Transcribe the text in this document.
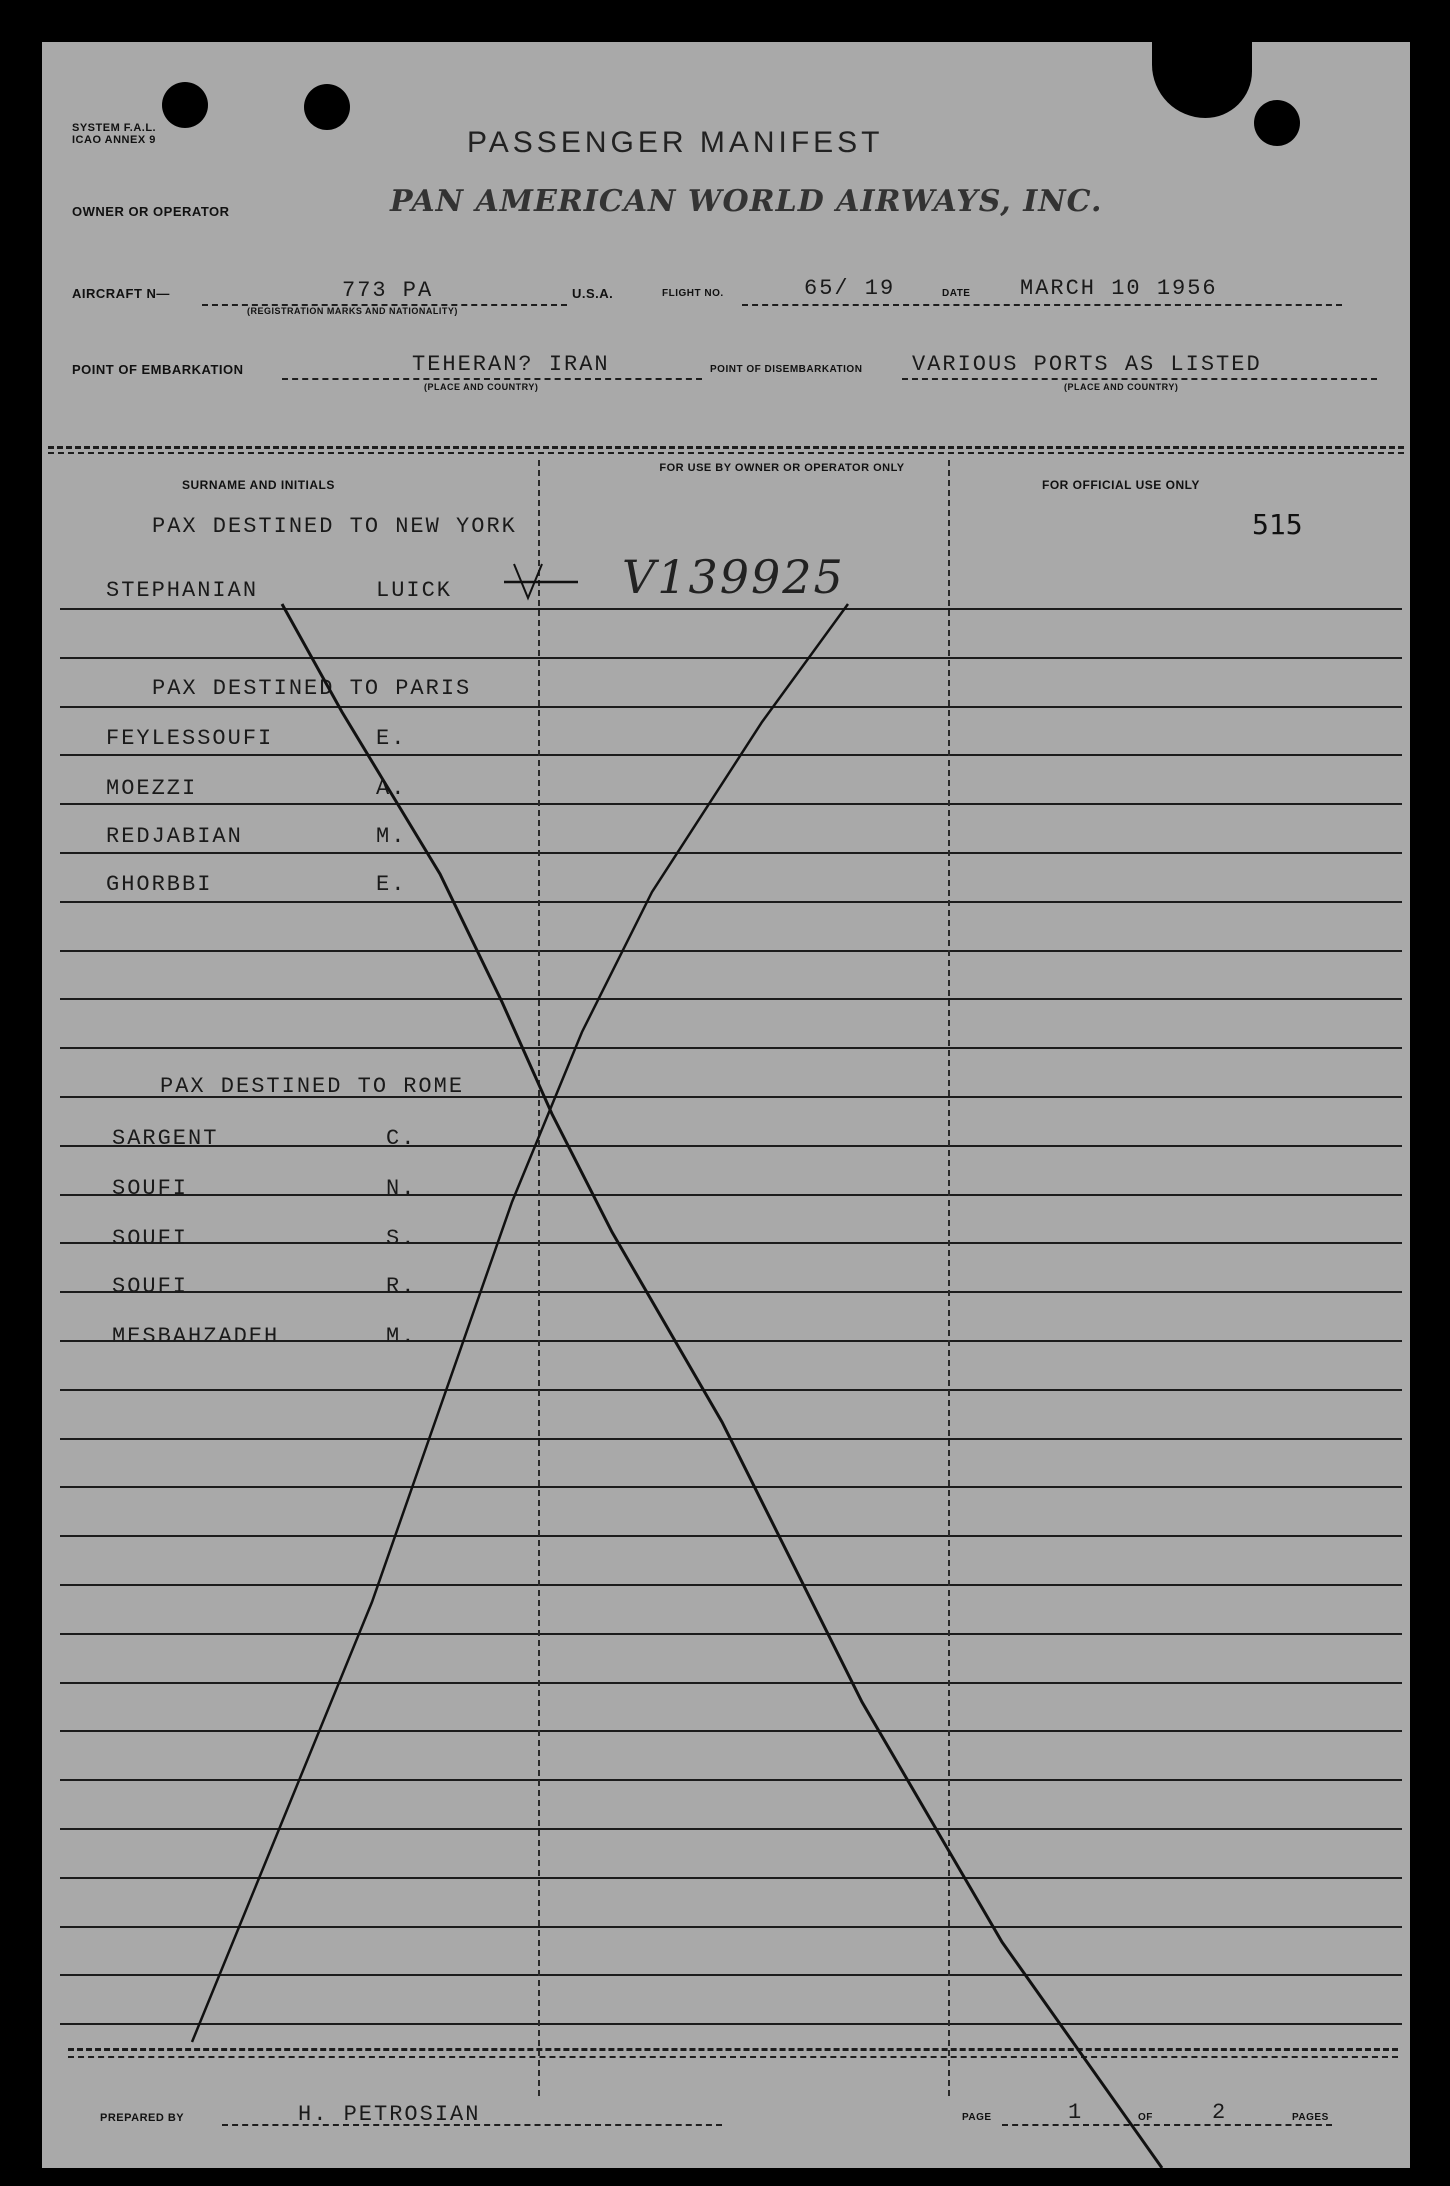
SYSTEM F.A.L.
ICAO ANNEX 9	PASSENGER MANIFEST
OWNER OR OPERATOR	PAN AMERICAN WORLD AIRWAYS, INC.
AIRCRAFT N—	773 PA
(REGISTRATION MARKS AND NATIONALITY)
U.S.A.	FLIGHT NO.	65/ 19	DATE MARCH 10 1956
POINT OF EMBARKATION	TEHERAN? IRAN
(PLACE AND COUNTRY)
POINT OF DISEMBARKATION VARIOUS PORTS AS LISTED
(PLACE AND COUNTRY)
SURNAME AND INITIALS
FOR USE BY OWNER OR OPERATOR ONLY
FOR OFFICIAL USE ONLY
PAX DESTINED TO NEW YORK
STEPHANIAN	LUICK	V139925
515
PAX DESTINED TO PARIS
FEYLESSOUFI	E.
MOEZZI	A.
REDJABIAN	M.
GHORBBI	E.
PAX DESTINED TO ROME
SARGENT	C.
SOUFI	N.
SOUFI	S.
SOUFI	R.
MESBAHZADEH	M.
PREPARED BY	H. PETROSIAN	PAGE	1	OF	2	PAGES
